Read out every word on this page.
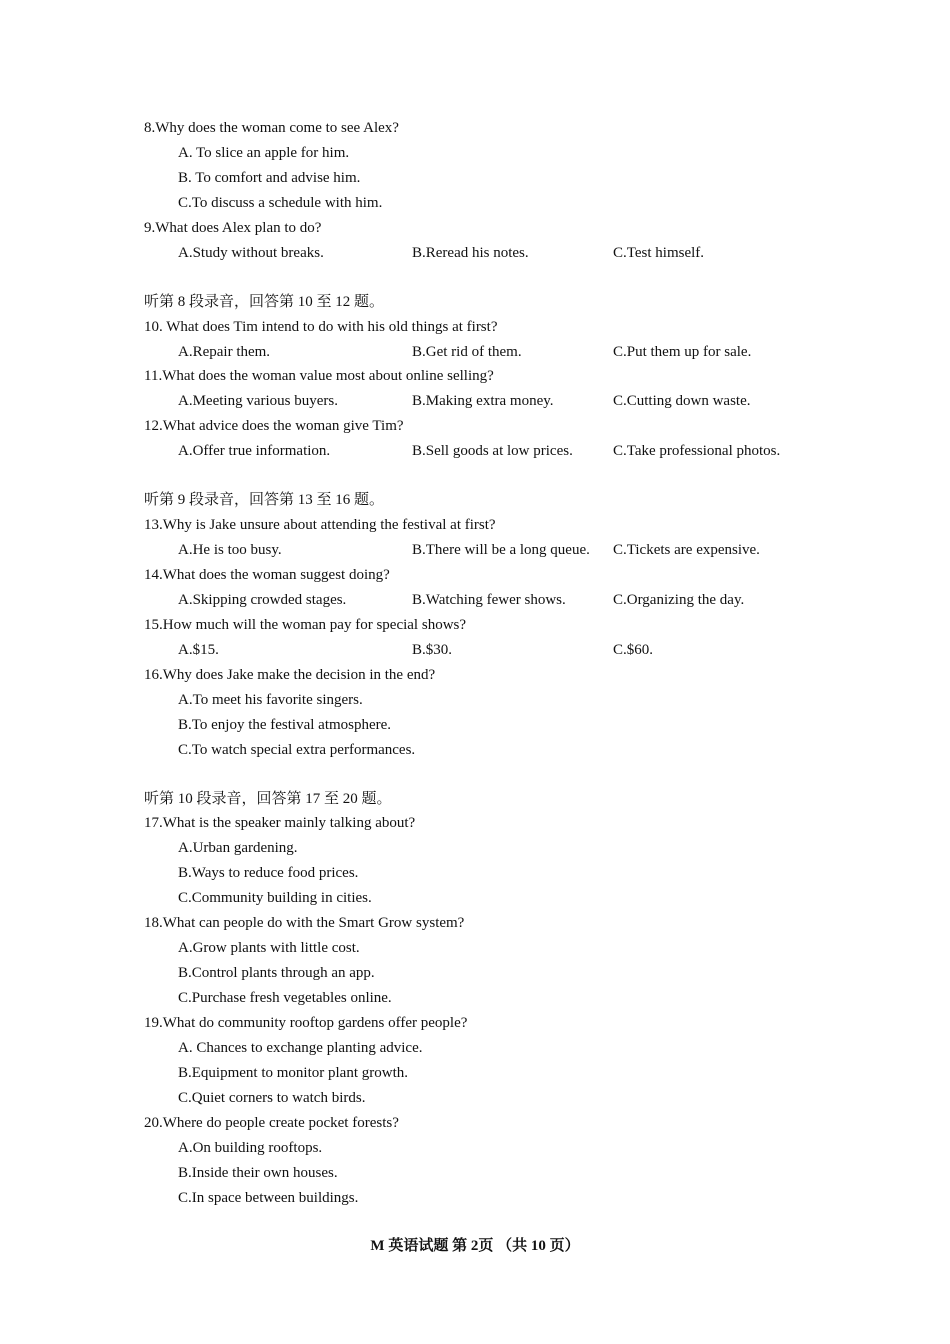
8.Why does the woman come to see Alex?
A. To slice an apple for him.
B. To comfort and advise him.
C.To discuss a schedule with him.
9.What does Alex plan to do?
A.Study without breaks.	B.Reread his notes.	C.Test himself.
听第 8 段录音，回答第 10 至 12 题。
10. What does Tim intend to do with his old things at first?
A.Repair them.	B.Get rid of them.	C.Put them up for sale.
11.What does the woman value most about online selling?
A.Meeting various buyers.	B.Making extra money.	C.Cutting down waste.
12.What advice does the woman give Tim?
A.Offer true information.	B.Sell goods at low prices.	C.Take professional photos.
听第 9 段录音，回答第 13 至 16 题。
13.Why is Jake unsure about attending the festival at first?
A.He is too busy.	B.There will be a long queue. C.Tickets are expensive.
14.What does the woman suggest doing?
A.Skipping crowded stages.	B.Watching fewer shows.	C.Organizing the day.
15.How much will the woman pay for special shows?
A.$15.	B.$30.	C.$60.
16.Why does Jake make the decision in the end?
A.To meet his favorite singers.
B.To enjoy the festival atmosphere.
C.To watch special extra performances.
听第 10 段录音，回答第 17 至 20 题。
17.What is the speaker mainly talking about?
A.Urban gardening.
B.Ways to reduce food prices.
C.Community building in cities.
18.What can people do with the Smart Grow system?
A.Grow plants with little cost.
B.Control plants through an app.
C.Purchase fresh vegetables online.
19.What do community rooftop gardens offer people?
A. Chances to exchange planting advice.
B.Equipment to monitor plant growth.
C.Quiet corners to watch birds.
20.Where do people create pocket forests?
A.On building rooftops.
B.Inside their own houses.
C.In space between buildings.
M 英语试题 第 2页 （共 10 页）
